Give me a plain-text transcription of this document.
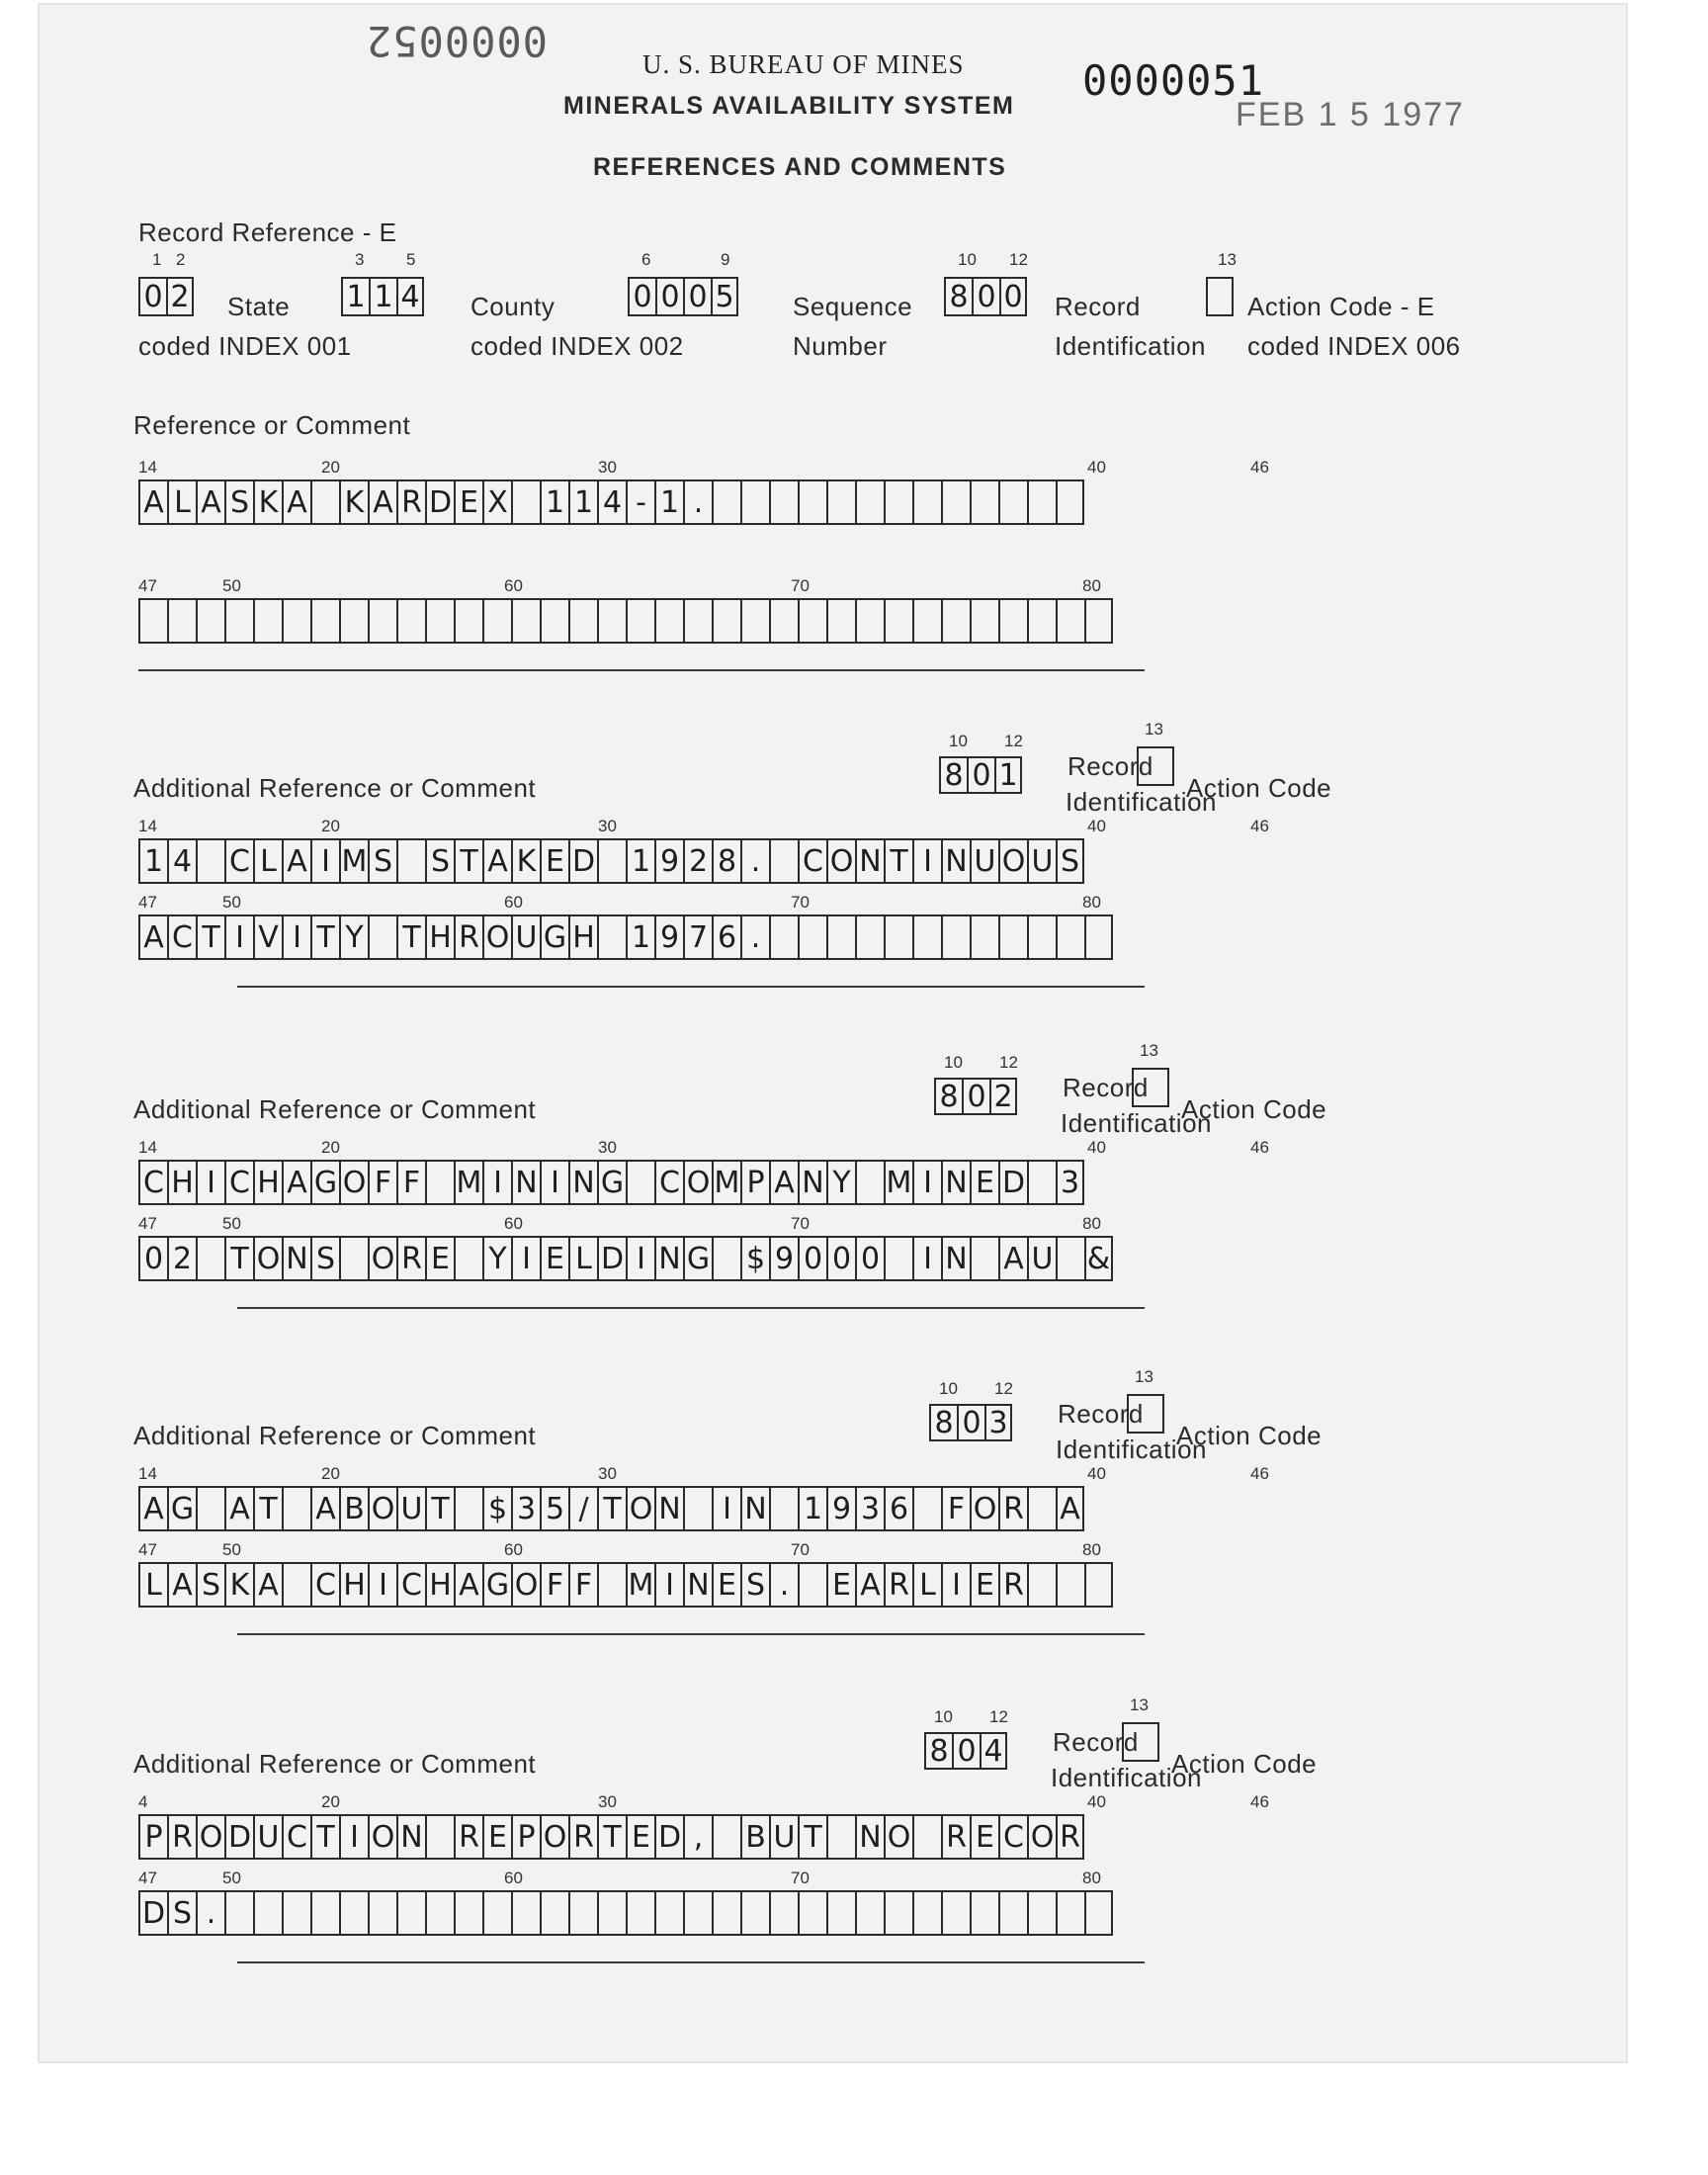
0000052	U. S. BUREAU OF MINES
MINERALS AVAILABILITY SYSTEM
0000051
FEB 1 5 1977
REFERENCES AND COMMENTS
Record Reference - E
1 2
0 2 State
coded INDEX 001
3	5
1 1 4 County
coded INDEX 002
6	9
0 0 0 5 Sequence
Number
10 12
8 0 0 Record
Identification
13
Action Code - E
coded INDEX 006
Reference or Comment
14	20	30	40	46
A L A S K A K A R D E X 1 1 4 - 1 .
47	50	60	70	80
Additional Reference or Comment
10 12
13
8 0 1 Record
Identification
Action Code
14	20	30	40	46
1 4 C L A I M S S T A K E D 1 9 2 8 . C O N T I N U O U S
47	50	60	70	80
A C T I V I T Y T H R O U G H 1 9 7 6 .
Additional Reference or Comment
10 12
13
8 0 2 Record
Identification
Action Code
14	20	30	40	46
C H I C H A G O F F M I N I N G C O M P A N Y M I N E D 3
47	50	60	70	80
0 2 T O N S O R E Y I E L D I N G $ 9 0 0 0	I N A U &
Additional Reference or Comment
10 12
13
8 0 3 Record
Identification
Action Code
14	20	30	40	46
A G A T A B O U T $ 3 5 / T O N	I N 1 9 3 6 F O R A
47	50	60	70	80
L A S K A C H I C H A G O F F M I N E S . E A R L I E R
Additional Reference or Comment
10 12
13
8 0 4 Record
Identification
Action Code
4	20	30	40	46
P R O D U C T I O N R E P O R T E D , B U T N O R E C O R
47	50	60	70	80
D S .
